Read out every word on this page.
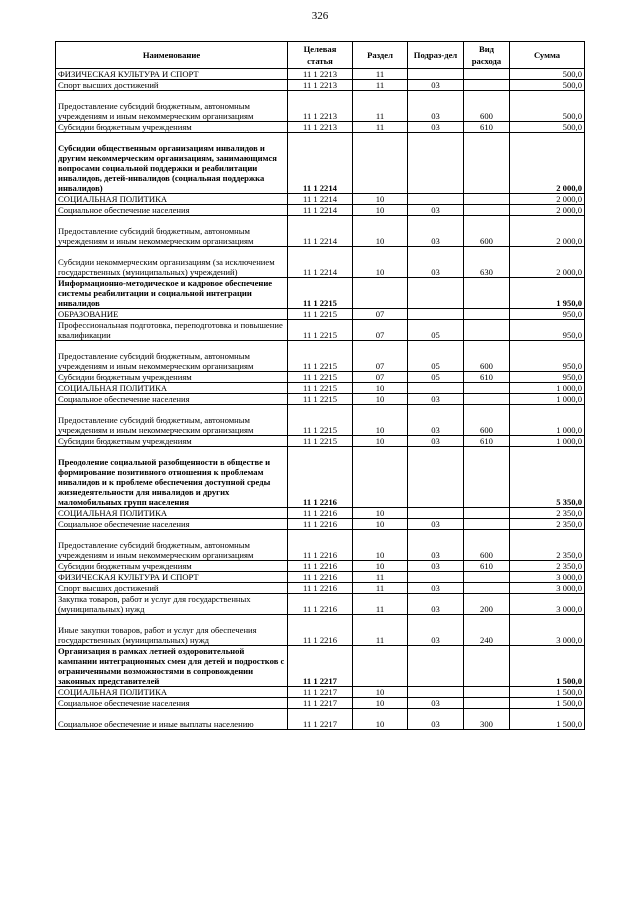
326
Наименование	Целевая статья	Раздел	Подраз-дел	Вид расхода	Сумма
ФИЗИЧЕСКАЯ КУЛЬТУРА И СПОРТ	11 1 2213	11			500,0
Спорт высших достижений	11 1 2213	11	03		500,0
Предоставление субсидий бюджетным, автономным учреждениям и иным некоммерческим организациям	11 1 2213	11	03	600	500,0
Субсидии бюджетным учреждениям	11 1 2213	11	03	610	500,0
Субсидии общественным организациям инвалидов и другим некоммерческим организациям, занимающимся вопросами социальной поддержки и реабилитации инвалидов, детей-инвалидов (социальная поддержка инвалидов)	11 1 2214				2 000,0
СОЦИАЛЬНАЯ ПОЛИТИКА	11 1 2214	10			2 000,0
Социальное обеспечение населения	11 1 2214	10	03		2 000,0
Предоставление субсидий бюджетным, автономным учреждениям и иным некоммерческим организациям	11 1 2214	10	03	600	2 000,0
Субсидии некоммерческим организациям (за исключением государственных (муниципальных) учреждений)	11 1 2214	10	03	630	2 000,0
Информационно-методическое и кадровое обеспечение системы реабилитации и социальной интеграции инвалидов	11 1 2215				1 950,0
ОБРАЗОВАНИЕ	11 1 2215	07			950,0
Профессиональная подготовка, переподготовка и повышение квалификации	11 1 2215	07	05		950,0
Предоставление субсидий бюджетным, автономным учреждениям и иным некоммерческим организациям	11 1 2215	07	05	600	950,0
Субсидии бюджетным учреждениям	11 1 2215	07	05	610	950,0
СОЦИАЛЬНАЯ ПОЛИТИКА	11 1 2215	10			1 000,0
Социальное обеспечение населения	11 1 2215	10	03		1 000,0
Предоставление субсидий бюджетным, автономным учреждениям и иным некоммерческим организациям	11 1 2215	10	03	600	1 000,0
Субсидии бюджетным учреждениям	11 1 2215	10	03	610	1 000,0
Преодоление социальной разобщенности в обществе и формирование позитивного отношения к проблемам инвалидов и к проблеме обеспечения доступной среды жизнедеятельности для инвалидов и других маломобильных групп населения	11 1 2216				5 350,0
СОЦИАЛЬНАЯ ПОЛИТИКА	11 1 2216	10			2 350,0
Социальное обеспечение населения	11 1 2216	10	03		2 350,0
Предоставление субсидий бюджетным, автономным учреждениям и иным некоммерческим организациям	11 1 2216	10	03	600	2 350,0
Субсидии бюджетным учреждениям	11 1 2216	10	03	610	2 350,0
ФИЗИЧЕСКАЯ КУЛЬТУРА И СПОРТ	11 1 2216	11			3 000,0
Спорт высших достижений	11 1 2216	11	03		3 000,0
Закупка товаров, работ и услуг для государственных (муниципальных) нужд	11 1 2216	11	03	200	3 000,0
Иные закупки товаров, работ и услуг для обеспечения государственных (муниципальных) нужд	11 1 2216	11	03	240	3 000,0
Организация в рамках летней оздоровительной кампании интеграционных смен для детей и подростков с ограниченными возможностями в сопровождении законных представителей	11 1 2217				1 500,0
СОЦИАЛЬНАЯ ПОЛИТИКА	11 1 2217	10			1 500,0
Социальное обеспечение населения	11 1 2217	10	03		1 500,0
Социальное обеспечение и иные выплаты населению	11 1 2217	10	03	300	1 500,0
